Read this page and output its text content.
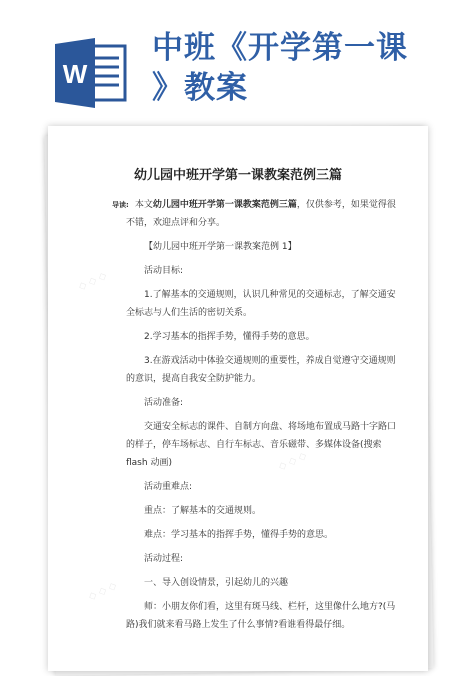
W
中班《开学第一课
》教案
◇ ◇ ◇
◇ ◇ ◇
◇ ◇ ◇
幼儿园中班开学第一课教案范例三篇

导读: 本文幼儿园中班开学第一课教案范例三篇，仅供参考，如果觉得很不错，欢迎点评和分享。

【幼儿园中班开学第一课教案范例 1】

活动目标:

1.了解基本的交通规则，认识几种常见的交通标志，了解交通安全标志与人们生活的密切关系。

2.学习基本的指挥手势，懂得手势的意思。

3.在游戏活动中体验交通规则的重要性，养成自觉遵守交通规则的意识，提高自我安全防护能力。

活动准备:

交通安全标志的课件、自制方向盘、将场地布置成马路十字路口的样子，停车场标志、自行车标志、音乐磁带、多媒体设备(搜索 flash 动画)

活动重难点:

重点：了解基本的交通规则。

难点：学习基本的指挥手势，懂得手势的意思。

活动过程:

一、导入创设情景，引起幼儿的兴趣

师：小朋友你们看，这里有斑马线、栏杆，这里像什么地方?(马路)我们就来看马路上发生了什么事情?看谁看得最仔细。
